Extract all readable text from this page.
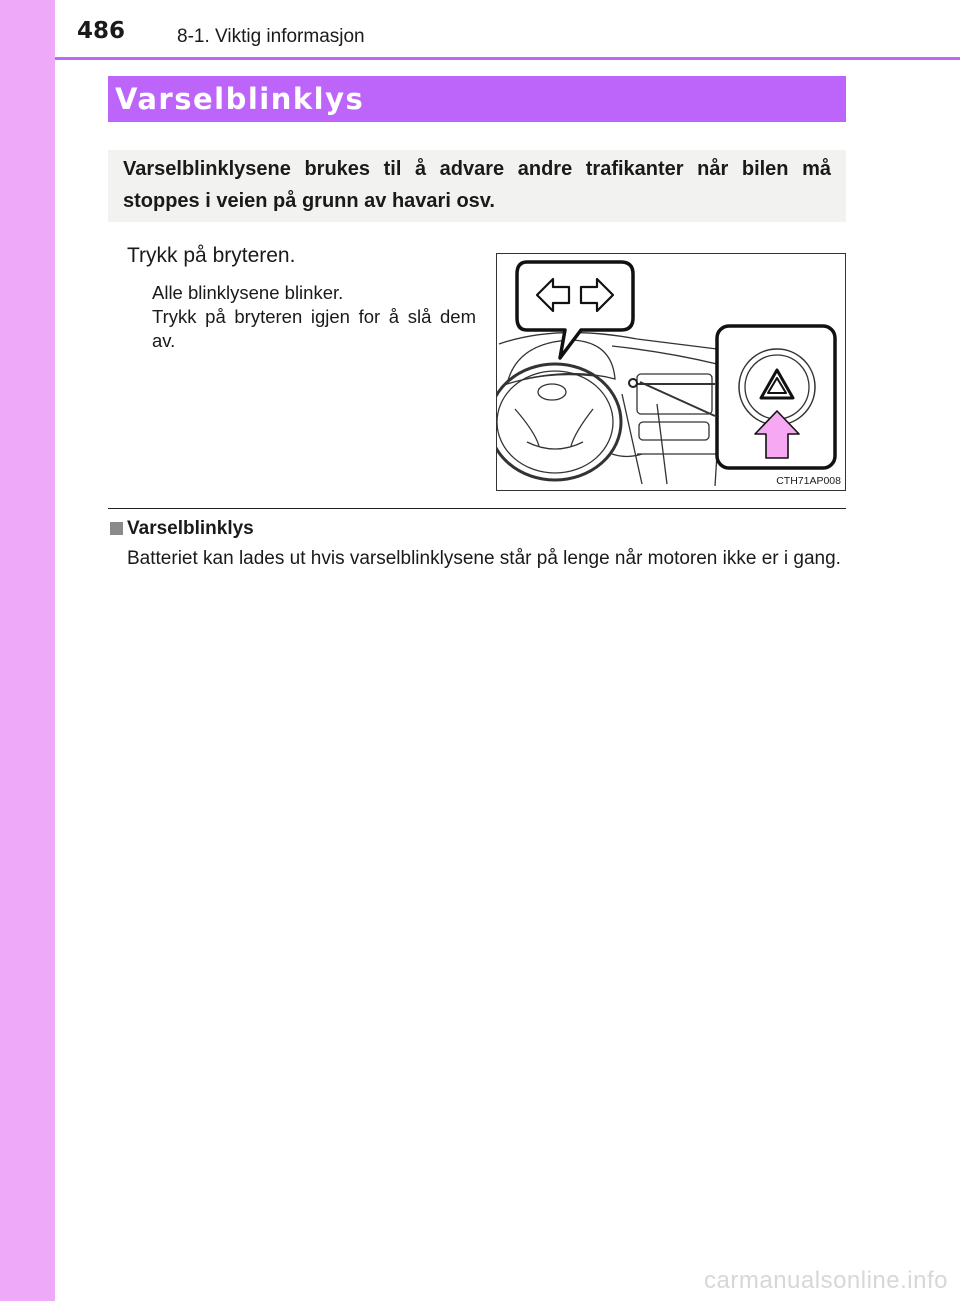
486	8-1. Viktig informasjon
Varselblinklys
Varselblinklysene brukes til å advare andre trafikanter når bilen må stoppes i veien på grunn av havari osv.
Trykk på bryteren.
Alle blinklysene blinker.
Trykk på bryteren igjen for å slå dem av.
CTH71AP008
Varselblinklys
Batteriet kan lades ut hvis varselblinklysene står på lenge når motoren ikke er i gang.
carmanualsonline.info
